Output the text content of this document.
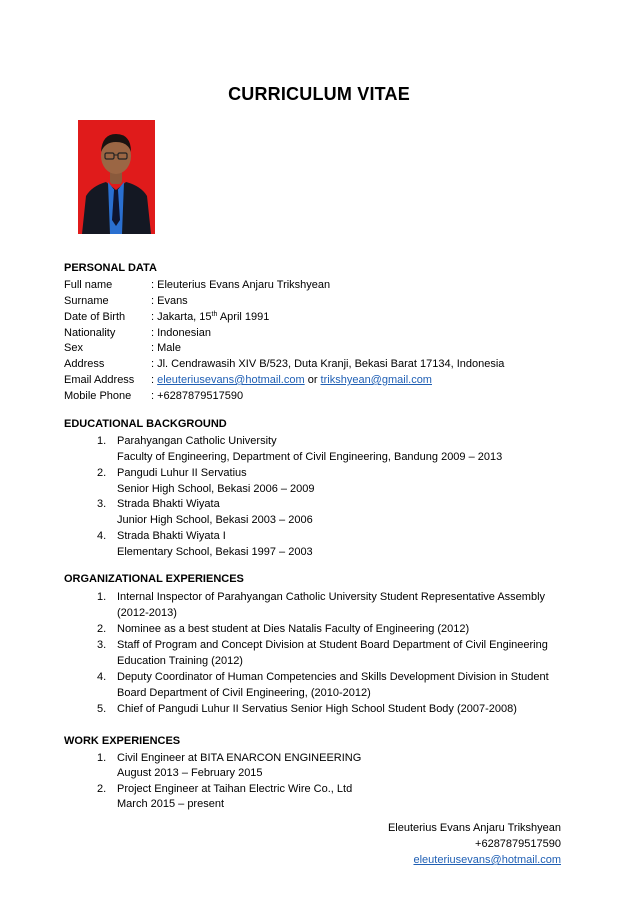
CURRICULUM VITAE
PERSONAL DATA
Full name	: Eleuterius Evans Anjaru Trikshyean
Surname	: Evans
Date of Birth : Jakarta, 15th April 1991
Nationality	: Indonesian
Sex	: Male
Address	: Jl. Cendrawasih XIV B/523, Duta Kranji, Bekasi Barat 17134, Indonesia
Email Address : eleuteriusevans@hotmail.com or trikshyean@gmail.com
Mobile Phone : +6287879517590
EDUCATIONAL BACKGROUND
1. Parahyangan Catholic University
Faculty of Engineering, Department of Civil Engineering, Bandung 2009 – 2013
2. Pangudi Luhur II Servatius
Senior High School, Bekasi 2006 – 2009
3. Strada Bhakti Wiyata
Junior High School, Bekasi 2003 – 2006
4. Strada Bhakti Wiyata I
Elementary School, Bekasi 1997 – 2003
ORGANIZATIONAL EXPERIENCES
1. Internal Inspector of Parahyangan Catholic University Student Representative Assembly
(2012-2013)
2. Nominee as a best student at Dies Natalis Faculty of Engineering (2012)
3. Staff of Program and Concept Division at Student Board Department of Civil Engineering
Education Training (2012)
4. Deputy Coordinator of Human Competencies and Skills Development Division in Student
Board Department of Civil Engineering, (2010-2012)
5. Chief of Pangudi Luhur II Servatius Senior High School Student Body (2007-2008)
WORK EXPERIENCES
1. Civil Engineer at BITA ENARCON ENGINEERING
August 2013 – February 2015
2. Project Engineer at Taihan Electric Wire Co., Ltd
March 2015 – present
Eleuterius Evans Anjaru Trikshyean
+6287879517590
eleuteriusevans@hotmail.com
